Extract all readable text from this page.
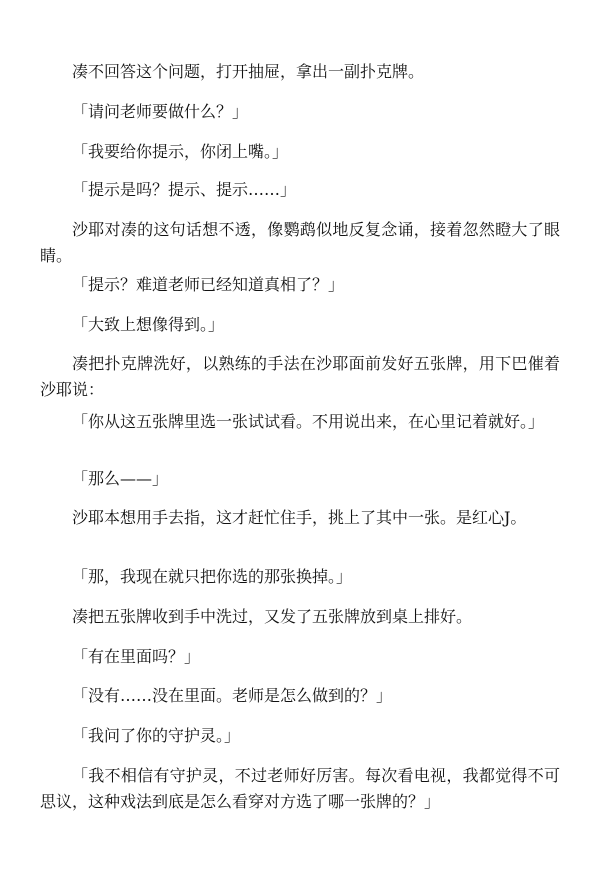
凑不回答这个问题，打开抽屉，拿出一副扑克牌。

「请问老师要做什么？」

「我要给你提示，你闭上嘴。」

「提示是吗？提示、提示……」

沙耶对凑的这句话想不透，像鹦鹉似地反复念诵，接着忽然瞪大了眼睛。

「提示？难道老师已经知道真相了？」

「大致上想像得到。」

凑把扑克牌洗好，以熟练的手法在沙耶面前发好五张牌，用下巴催着沙耶说：

「你从这五张牌里选一张试试看。不用说出来，在心里记着就好。」

「那么——」

沙耶本想用手去指，这才赶忙住手，挑上了其中一张。是红心J。

「那，我现在就只把你选的那张换掉。」

凑把五张牌收到手中洗过，又发了五张牌放到桌上排好。

「有在里面吗？」

「没有……没在里面。老师是怎么做到的？」

「我问了你的守护灵。」

「我不相信有守护灵，不过老师好厉害。每次看电视，我都觉得不可思议，这种戏法到底是怎么看穿对方选了哪一张牌的？」
